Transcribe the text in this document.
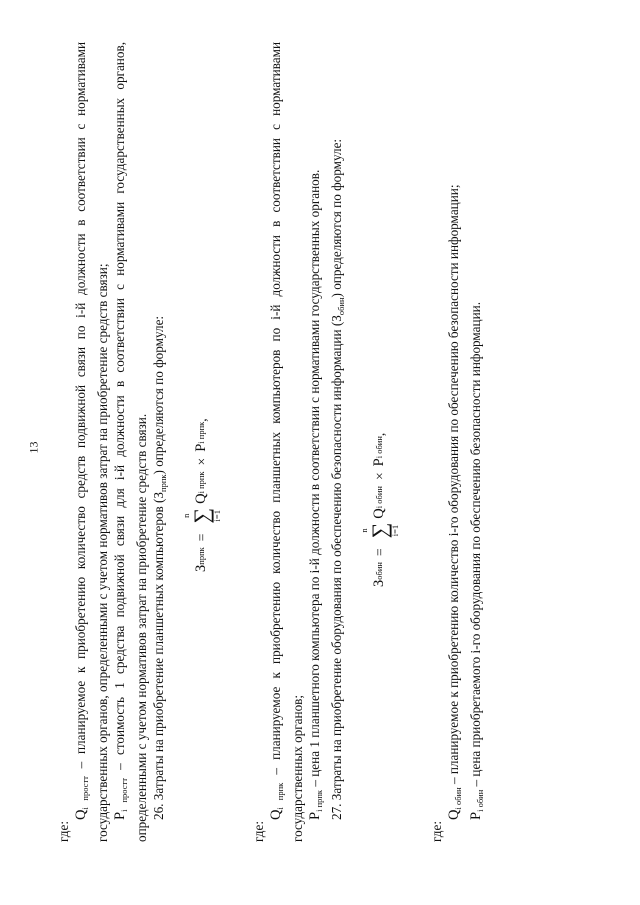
13

где:

$Q_{i простт}$ – планируемое к приобретению количество средств подвижной связи по i-й должности в соответствии с нормативами государственных органов, определенными с учетом нормативов затрат на приобретение средств связи; $P_{i простт}$ – стоимость 1 средства подвижной связи для i-й должности в соответствии с нормативами государственных органов, определенными с учетом нормативов затрат на приобретение средств связи. 26. Затраты на приобретение планшетных компьютеров $(З_{прпк})$ определяются по формуле:

З
прпк
=
n
∑
i=1
Q
i прпк
×
P
i прпк
,

где:

$Q_{i прпк}$ – планируемое к приобретению количество планшетных компьютеров по i-й должности в соответствии с нормативами государственных органов; $P_{i прпк}$ – цена 1 планшетного компьютера по i-й должности в соответствии с нормативами государственных органов. 27. Затраты на приобретение оборудования по обеспечению безопасности информации $(З_{обин})$ определяются по формуле:

З
обин
=
n
∑
i=1
Q
i обин
×
P
i обин
,

где:

$Q_{i обин}$ – планируемое к приобретению количество i-го оборудования по обеспечению безопасности информации;

$P_{i обин}$ – цена приобретаемого i-го оборудования по обеспечению безопасности информации.
